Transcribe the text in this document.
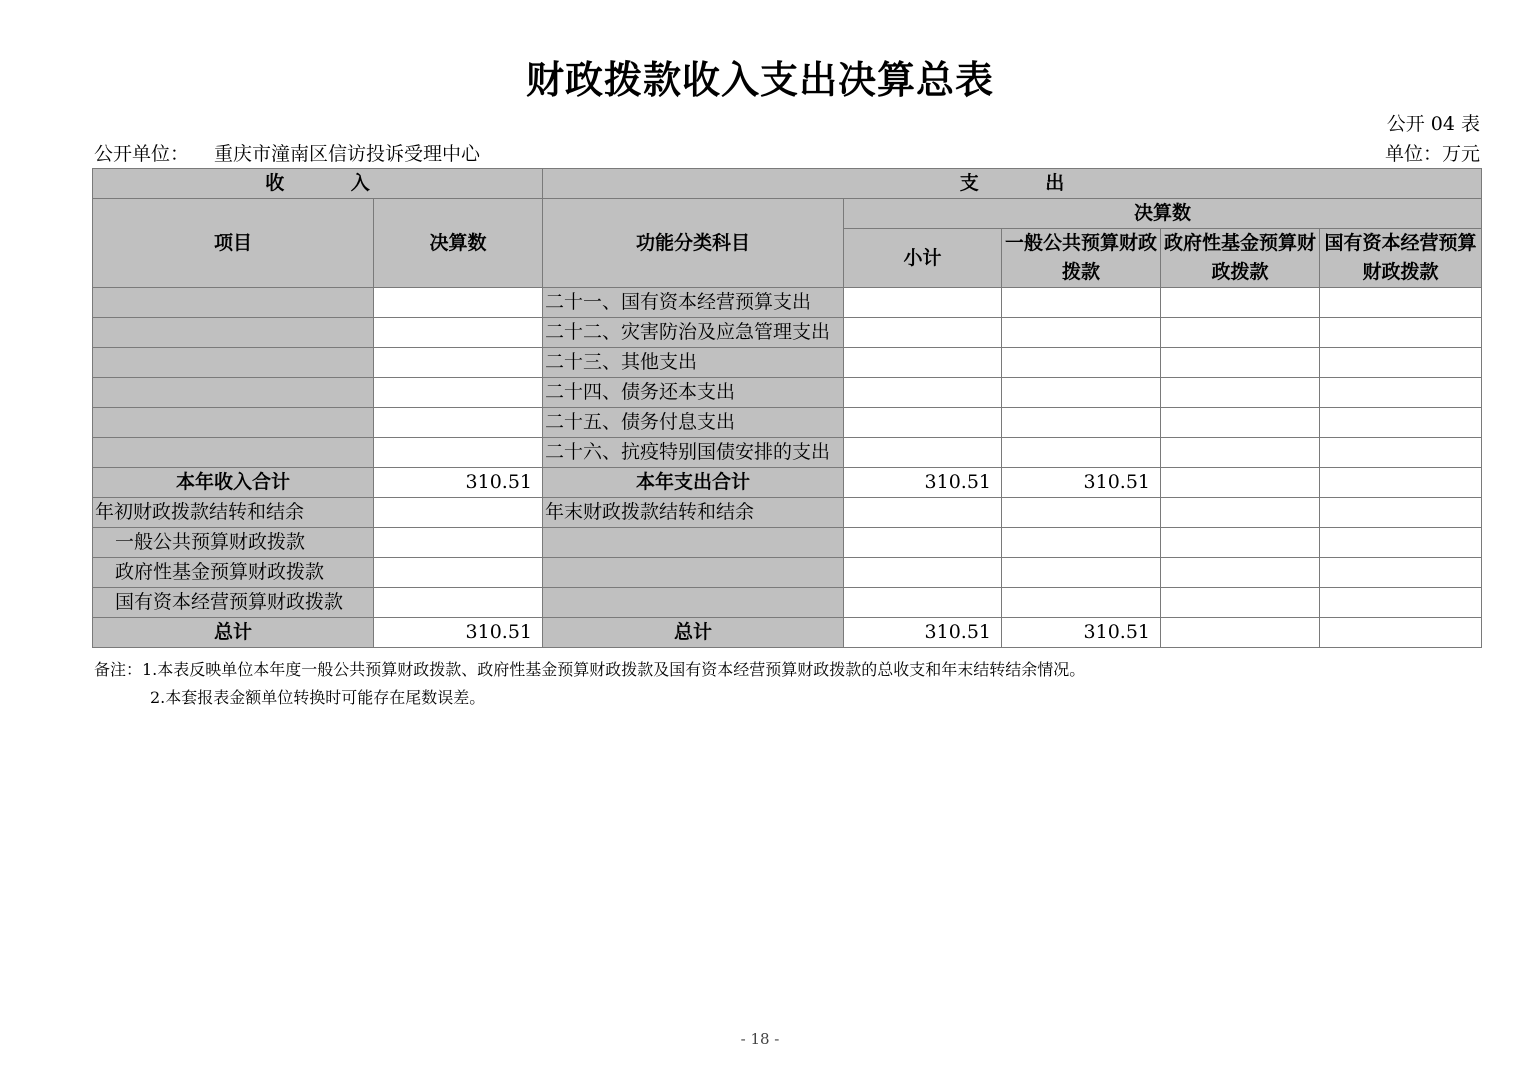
财政拨款收入支出决算总表
公开 04 表
公开单位： 重庆市潼南区信访投诉受理中心	单位：万元
收 入		支 出				
项目	决算数	功能分类科目	决算数			
			小计	一般公共预算财政拨款	政府性基金预算财政拨款	国有资本经营预算财政拨款

		二十一、国有资本经营预算支出				
		二十二、灾害防治及应急管理支出				
		二十三、其他支出				
		二十四、债务还本支出				
		二十五、债务付息支出				
		二十六、抗疫特别国债安排的支出				
本年收入合计	310.51	本年支出合计	310.51	310.51		
年初财政拨款结转和结余		年末财政拨款结转和结余				
一般公共预算财政拨款						
政府性基金预算财政拨款						
国有资本经营预算财政拨款						
总计	310.51	总计	310.51	310.51		
备注：1.本表反映单位本年度一般公共预算财政拨款、政府性基金预算财政拨款及国有资本经营预算财政拨款的总收支和年末结转结余情况。
2.本套报表金额单位转换时可能存在尾数误差。
- 18 -
